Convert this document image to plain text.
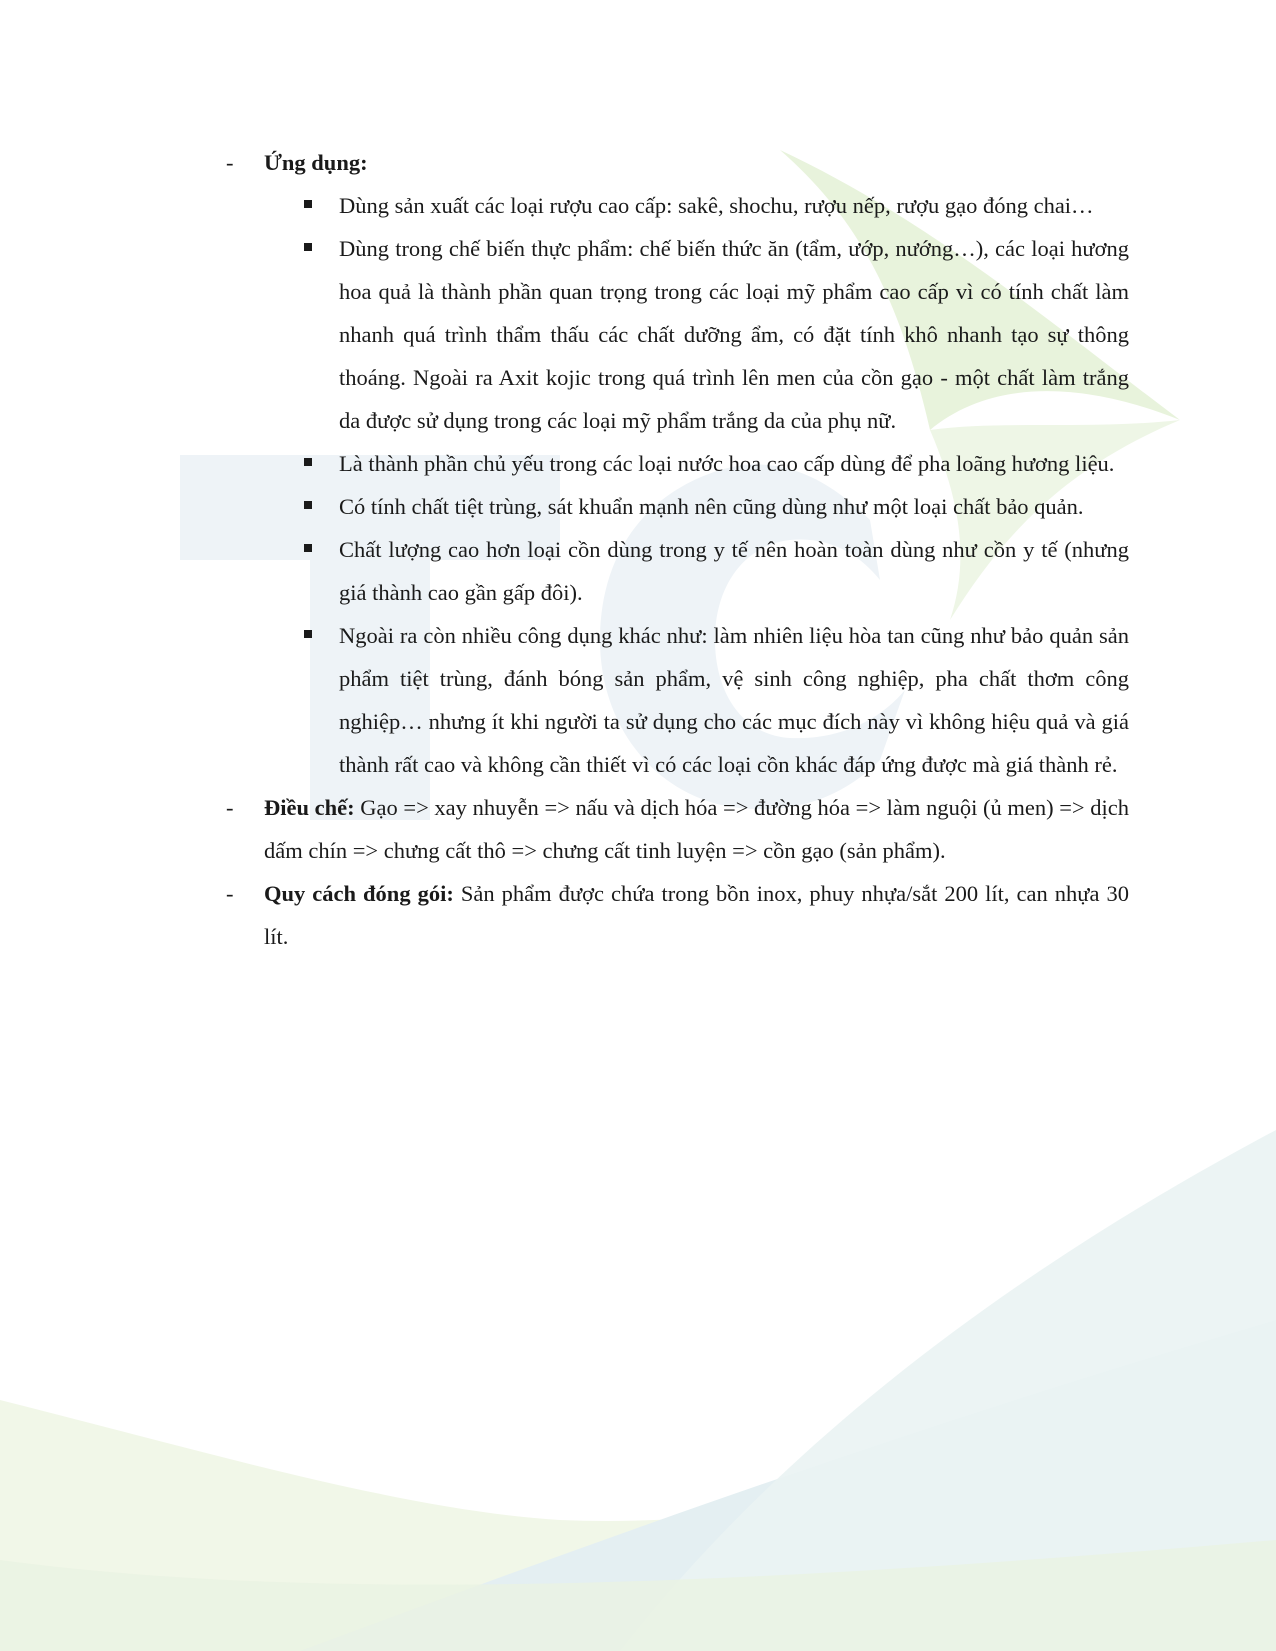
- Ứng dụng:
Dùng sản xuất các loại rượu cao cấp: sakê, shochu, rượu nếp, rượu gạo đóng chai…
Dùng trong chế biến thực phẩm: chế biến thức ăn (tẩm, ướp, nướng…), các loại hương hoa quả là thành phần quan trọng trong các loại mỹ phẩm cao cấp vì có tính chất làm nhanh quá trình thẩm thấu các chất dưỡng ẩm, có đặt tính khô nhanh tạo sự thông thoáng. Ngoài ra Axit kojic trong quá trình lên men của cồn gạo - một chất làm trắng da được sử dụng trong các loại mỹ phẩm trắng da của phụ nữ.
Là thành phần chủ yếu trong các loại nước hoa cao cấp dùng để pha loãng hương liệu.
Có tính chất tiệt trùng, sát khuẩn mạnh nên cũng dùng như một loại chất bảo quản.
Chất lượng cao hơn loại cồn dùng trong y tế nên hoàn toàn dùng như cồn y tế (nhưng giá thành cao gần gấp đôi).
Ngoài ra còn nhiều công dụng khác như: làm nhiên liệu hòa tan cũng như bảo quản sản phẩm tiệt trùng, đánh bóng sản phẩm, vệ sinh công nghiệp, pha chất thơm công nghiệp… nhưng ít khi người ta sử dụng cho các mục đích này vì không hiệu quả và giá thành rất cao và không cần thiết vì có các loại cồn khác đáp ứng được mà giá thành rẻ.
- Điều chế: Gạo => xay nhuyễn => nấu và dịch hóa => đường hóa => làm nguội (ủ men) => dịch dấm chín => chưng cất thô => chưng cất tinh luyện => cồn gạo (sản phẩm).
- Quy cách đóng gói: Sản phẩm được chứa trong bồn inox, phuy nhựa/sắt 200 lít, can nhựa 30 lít.
